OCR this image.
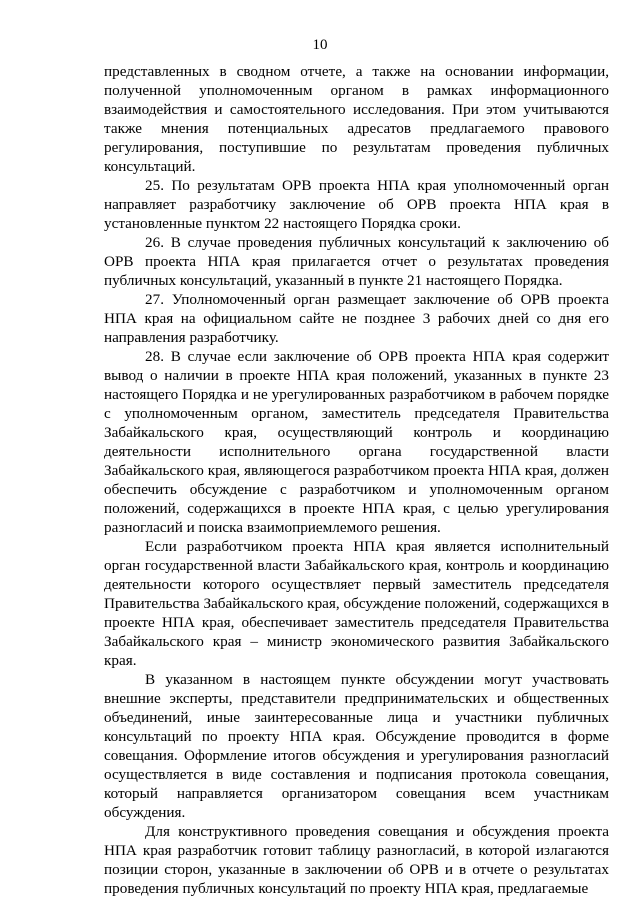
10

представленных в сводном отчете, а также на основании информации, полученной уполномоченным органом в рамках информационного взаимодействия и самостоятельного исследования. При этом учитываются также мнения потенциальных адресатов предлагаемого правового регулирования, поступившие по результатам проведения публичных консультаций.

25. По результатам ОРВ проекта НПА края уполномоченный орган направляет разработчику заключение об ОРВ проекта НПА края в установленные пунктом 22 настоящего Порядка сроки.

26. В случае проведения публичных консультаций к заключению об ОРВ проекта НПА края прилагается отчет о результатах проведения публичных консультаций, указанный в пункте 21 настоящего Порядка.

27. Уполномоченный орган размещает заключение об ОРВ проекта НПА края на официальном сайте не позднее 3 рабочих дней со дня его направления разработчику.

28. В случае если заключение об ОРВ проекта НПА края содержит вывод о наличии в проекте НПА края положений, указанных в пункте 23 настоящего Порядка и не урегулированных разработчиком в рабочем порядке с уполномоченным органом, заместитель председателя Правительства Забайкальского края, осуществляющий контроль и координацию деятельности исполнительного органа государственной власти Забайкальского края, являющегося разработчиком проекта НПА края, должен обеспечить обсуждение с разработчиком и уполномоченным органом положений, содержащихся в проекте НПА края, с целью урегулирования разногласий и поиска взаимоприемлемого решения.

Если разработчиком проекта НПА края является исполнительный орган государственной власти Забайкальского края, контроль и координацию деятельности которого осуществляет первый заместитель председателя Правительства Забайкальского края, обсуждение положений, содержащихся в проекте НПА края, обеспечивает заместитель председателя Правительства Забайкальского края – министр экономического развития Забайкальского края.

В указанном в настоящем пункте обсуждении могут участвовать внешние эксперты, представители предпринимательских и общественных объединений, иные заинтересованные лица и участники публичных консультаций по проекту НПА края. Обсуждение проводится в форме совещания. Оформление итогов обсуждения и урегулирования разногласий осуществляется в виде составления и подписания протокола совещания, который направляется организатором совещания всем участникам обсуждения.

Для конструктивного проведения совещания и обсуждения проекта НПА края разработчик готовит таблицу разногласий, в которой излагаются позиции сторон, указанные в заключении об ОРВ и в отчете о результатах проведения публичных консультаций по проекту НПА края, предлагаемые
